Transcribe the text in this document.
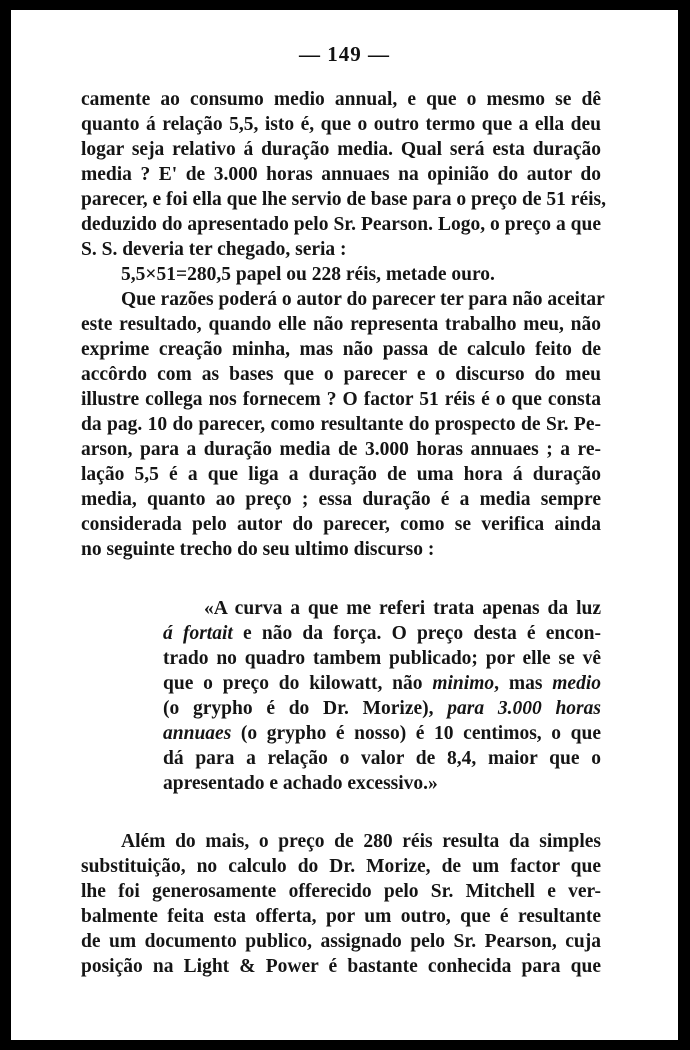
— 149 —
camente ao consumo medio annual, e que o mesmo se dê
quanto á relação 5,5, isto é, que o outro termo que a ella deu
logar seja relativo á duração media. Qual será esta duração
media ? E' de 3.000 horas annuaes na opinião do autor do
parecer, e foi ella que lhe servio de base para o preço de 51 réis,
deduzido do apresentado pelo Sr. Pearson. Logo, o preço a que
S. S. deveria ter chegado, seria :
5,5×51=280,5 papel ou 228 réis, metade ouro.
Que razões poderá o autor do parecer ter para não aceitar
este resultado, quando elle não representa trabalho meu, não
exprime creação minha, mas não passa de calculo feito de
accôrdo com as bases que o parecer e o discurso do meu
illustre collega nos fornecem ? O factor 51 réis é o que consta
da pag. 10 do parecer, como resultante do prospecto de Sr. Pe-
arson, para a duração media de 3.000 horas annuaes ; a re-
lação 5,5 é a que liga a duração de uma hora á duração
media, quanto ao preço ; essa duração é a media sempre
considerada pelo autor do parecer, como se verifica ainda
no seguinte trecho do seu ultimo discurso :
«A curva a que me referi trata apenas da luz
á fortait e não da força. O preço desta é encon-
trado no quadro tambem publicado; por elle se vê
que o preço do kilowatt, não minimo, mas medio
(o grypho é do Dr. Morize), para 3.000 horas
annuaes (o grypho é nosso) é 10 centimos, o que
dá para a relação o valor de 8,4, maior que o
apresentado e achado excessivo.»
Além do mais, o preço de 280 réis resulta da simples
substituição, no calculo do Dr. Morize, de um factor que
lhe foi generosamente offerecido pelo Sr. Mitchell e ver-
balmente feita esta offerta, por um outro, que é resultante
de um documento publico, assignado pelo Sr. Pearson, cuja
posição na Light & Power é bastante conhecida para que
